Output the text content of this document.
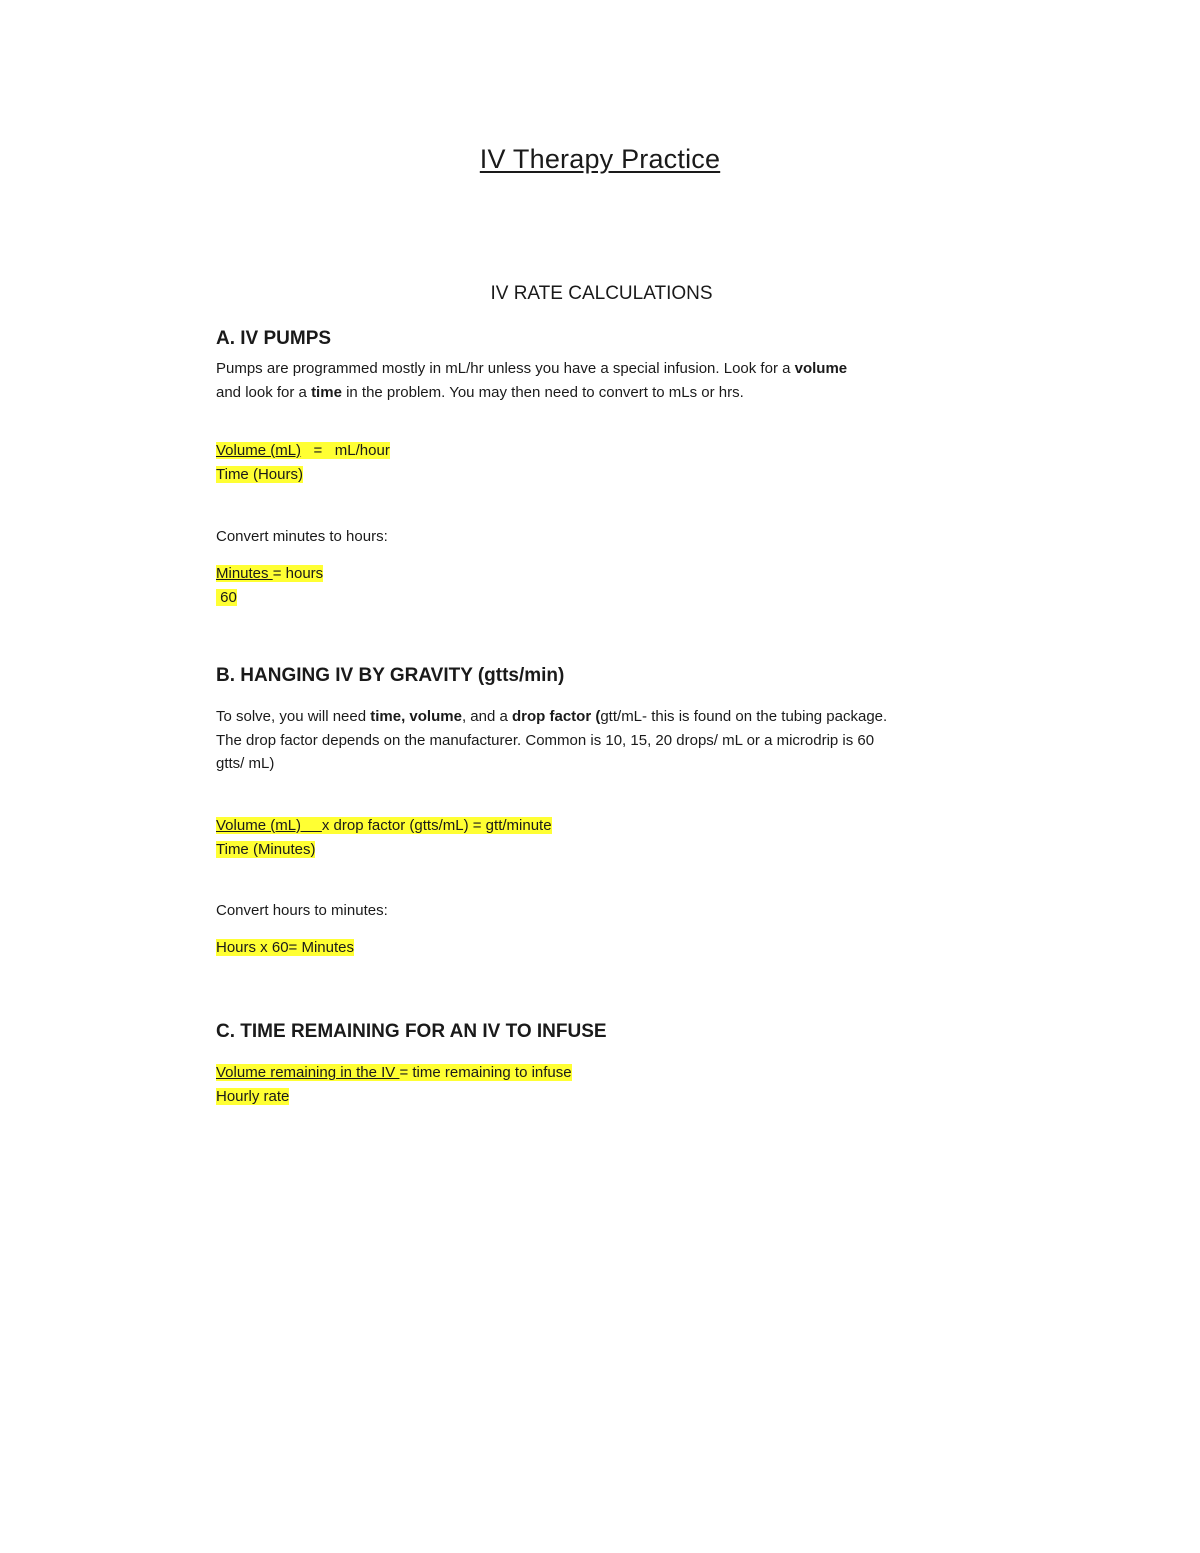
IV Therapy Practice
IV RATE CALCULATIONS

A. IV PUMPS

Pumps are programmed mostly in mL/hr unless you have a special infusion. Look for a volume
and look for a time in the problem. You may then need to convert to mLs or hrs.

Volume (mL)   =   mL/hour
Time (Hours)
Convert minutes to hours:
Minutes = hours
60

B. HANGING IV BY GRAVITY (gtts/min)

To solve, you will need time, volume, and a drop factor (gtt/mL- this is found on the tubing package. The drop factor depends on the manufacturer. Common is 10, 15, 20 drops/ mL or a microdrip is 60 gtts/ mL)

Volume (mL)     x drop factor (gtts/mL) = gtt/minute
Time (Minutes)
Convert hours to minutes:
Hours x 60= Minutes

C. TIME REMAINING FOR AN IV TO INFUSE

Volume remaining in the IV = time remaining to infuse
Hourly rate
